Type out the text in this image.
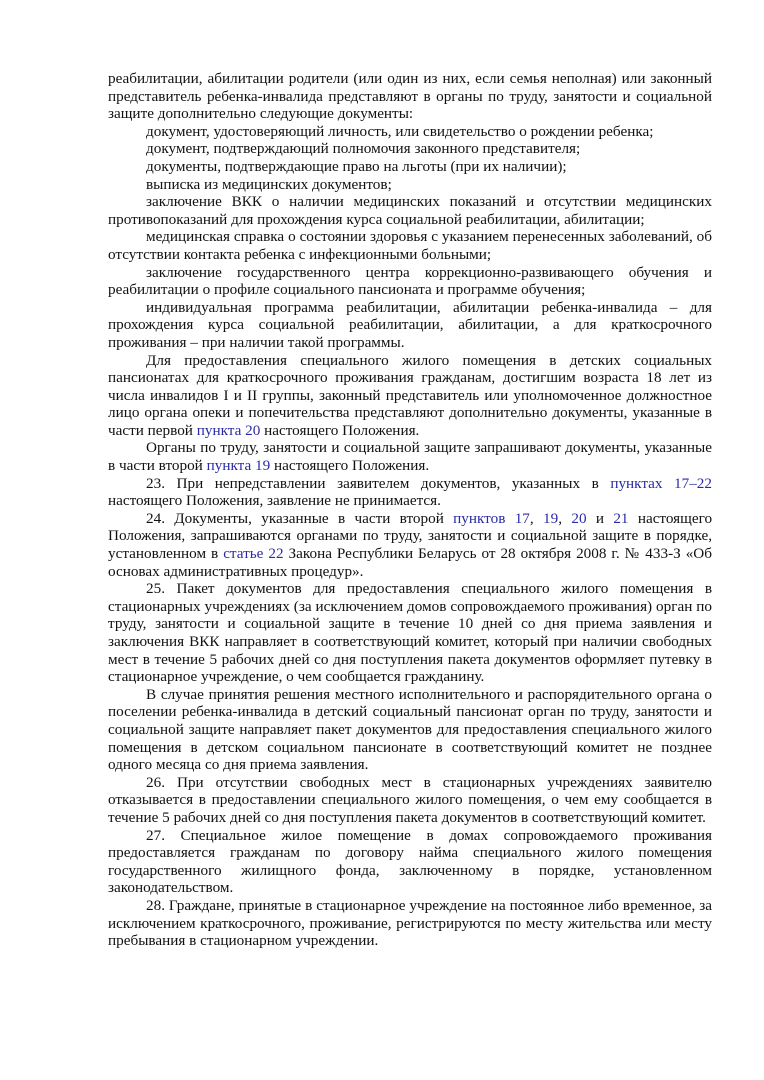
реабилитации, абилитации родители (или один из них, если семья неполная) или законный представитель ребенка-инвалида представляют в органы по труду, занятости и социальной защите дополнительно следующие документы:

документ, удостоверяющий личность, или свидетельство о рождении ребенка;

документ, подтверждающий полномочия законного представителя;

документы, подтверждающие право на льготы (при их наличии);

выписка из медицинских документов;

заключение ВКК о наличии медицинских показаний и отсутствии медицинских противопоказаний для прохождения курса социальной реабилитации, абилитации;

медицинская справка о состоянии здоровья с указанием перенесенных заболеваний, об отсутствии контакта ребенка с инфекционными больными;

заключение государственного центра коррекционно-развивающего обучения и реабилитации о профиле социального пансионата и программе обучения;

индивидуальная программа реабилитации, абилитации ребенка-инвалида – для прохождения курса социальной реабилитации, абилитации, а для краткосрочного проживания – при наличии такой программы.

Для предоставления специального жилого помещения в детских социальных пансионатах для краткосрочного проживания гражданам, достигшим возраста 18 лет из числа инвалидов I и II группы, законный представитель или уполномоченное должностное лицо органа опеки и попечительства представляют дополнительно документы, указанные в части первой пункта 20 настоящего Положения.

Органы по труду, занятости и социальной защите запрашивают документы, указанные в части второй пункта 19 настоящего Положения.

23. При непредставлении заявителем документов, указанных в пунктах 17–22 настоящего Положения, заявление не принимается.

24. Документы, указанные в части второй пунктов 17, 19, 20 и 21 настоящего Положения, запрашиваются органами по труду, занятости и социальной защите в порядке, установленном в статье 22 Закона Республики Беларусь от 28 октября 2008 г. № 433-З «Об основах административных процедур».

25. Пакет документов для предоставления специального жилого помещения в стационарных учреждениях (за исключением домов сопровождаемого проживания) орган по труду, занятости и социальной защите в течение 10 дней со дня приема заявления и заключения ВКК направляет в соответствующий комитет, который при наличии свободных мест в течение 5 рабочих дней со дня поступления пакета документов оформляет путевку в стационарное учреждение, о чем сообщается гражданину.

В случае принятия решения местного исполнительного и распорядительного органа о поселении ребенка-инвалида в детский социальный пансионат орган по труду, занятости и социальной защите направляет пакет документов для предоставления специального жилого помещения в детском социальном пансионате в соответствующий комитет не позднее одного месяца со дня приема заявления.

26. При отсутствии свободных мест в стационарных учреждениях заявителю отказывается в предоставлении специального жилого помещения, о чем ему сообщается в течение 5 рабочих дней со дня поступления пакета документов в соответствующий комитет.

27. Специальное жилое помещение в домах сопровождаемого проживания предоставляется гражданам по договору найма специального жилого помещения государственного жилищного фонда, заключенному в порядке, установленном законодательством.

28. Граждане, принятые в стационарное учреждение на постоянное либо временное, за исключением краткосрочного, проживание, регистрируются по месту жительства или месту пребывания в стационарном учреждении.
